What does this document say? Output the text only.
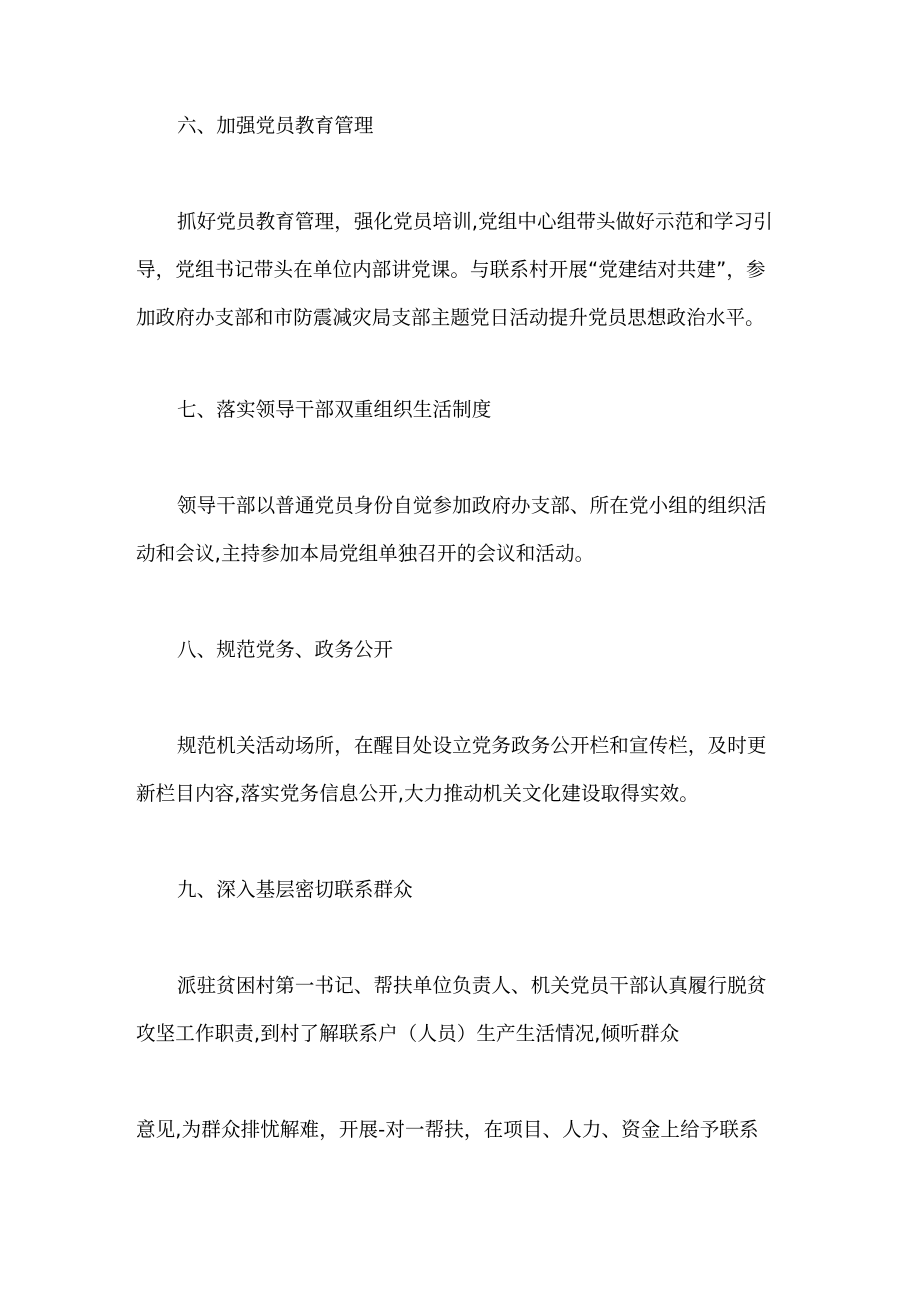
六、加强党员教育管理
抓好党员教育管理，强化党员培训,党组中心组带头做好示范和学习引
导，党组书记带头在单位内部讲党课。与联系村开展“党建结对共建”，参
加政府办支部和市防震减灾局支部主题党日活动提升党员思想政治水平。
七、落实领导干部双重组织生活制度
领导干部以普通党员身份自觉参加政府办支部、所在党小组的组织活
动和会议,主持参加本局党组单独召开的会议和活动。
八、规范党务、政务公开
规范机关活动场所，在醒目处设立党务政务公开栏和宣传栏，及时更
新栏目内容,落实党务信息公开,大力推动机关文化建设取得实效。
九、深入基层密切联系群众
派驻贫困村第一书记、帮扶单位负责人、机关党员干部认真履行脱贫
攻坚工作职责,到村了解联系户（人员）生产生活情况,倾听群众
意见,为群众排忧解难，开展-对一帮扶，在项目、人力、资金上给予联系
